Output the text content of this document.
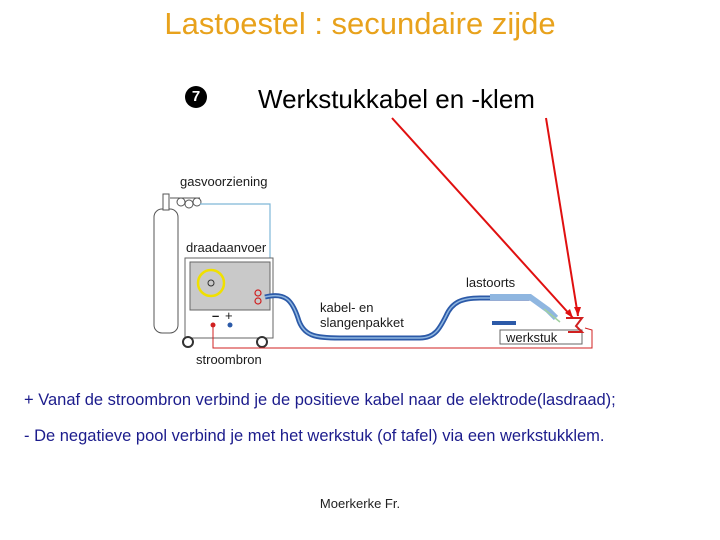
Lastoestel : secundaire zijde
7 Werkstukkabel en -klem
– +
gasvoorziening
draadaanvoer
lastoorts
kabel- en
slangenpakket
werkstuk
stroombron
+ Vanaf de stroombron verbind je de positieve kabel naar de elektrode(lasdraad);
- De negatieve pool verbind je met het werkstuk (of tafel) via een werkstukklem.
Moerkerke Fr.
